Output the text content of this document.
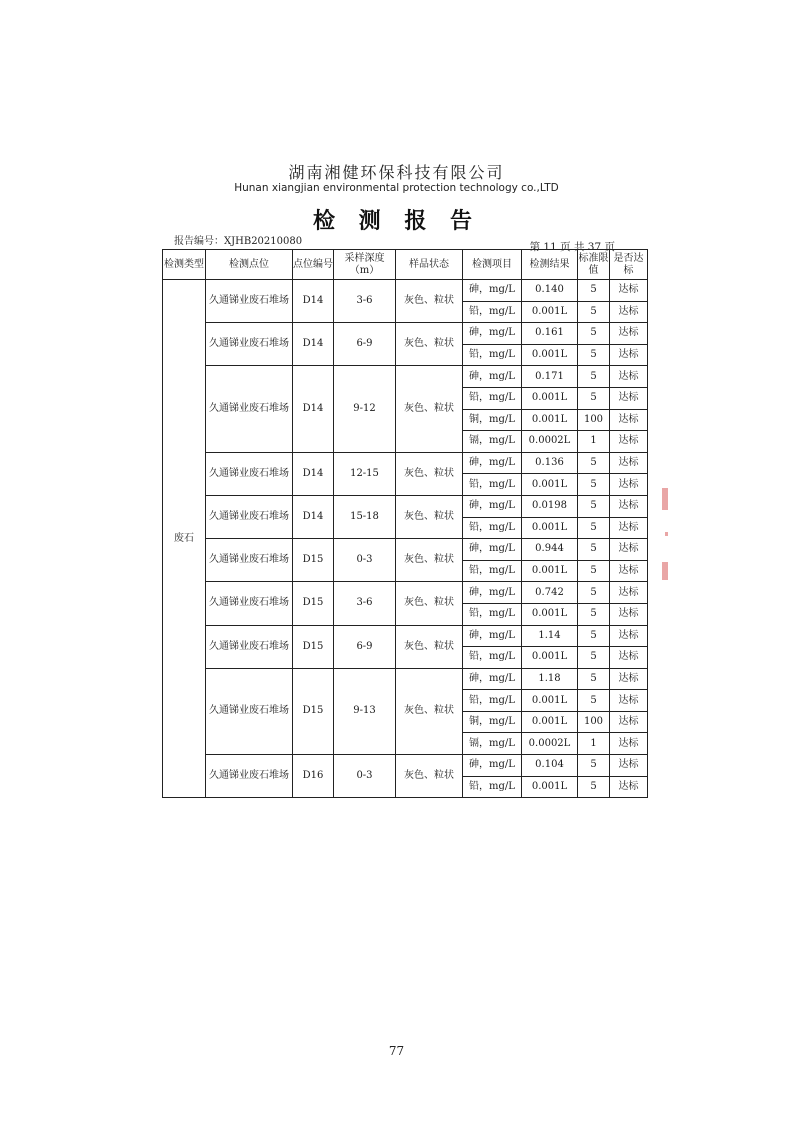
湖南湘健环保科技有限公司
Hunan xiangjian environmental protection technology co.,LTD
检 测 报 告
报告编号：XJHB20210080	第 11 页 共 37 页
检测类型	检测点位	点位编号	采样深度（m）	样品状态	检测项目	检测结果	标准限值	是否达标
废石	久通锑业废石堆场	D14	3-6	灰色、粒状	砷，mg/L	0.140	5	达标
					铅，mg/L	0.001L	5	达标
	久通锑业废石堆场	D14	6-9	灰色、粒状	砷，mg/L	0.161	5	达标
					铅，mg/L	0.001L	5	达标
	久通锑业废石堆场	D14	9-12	灰色、粒状	砷，mg/L	0.171	5	达标
					铅，mg/L	0.001L	5	达标
					铜，mg/L	0.001L	100	达标
					镉，mg/L	0.0002L	1	达标
	久通锑业废石堆场	D14	12-15	灰色、粒状	砷，mg/L	0.136	5	达标
					铅，mg/L	0.001L	5	达标
	久通锑业废石堆场	D14	15-18	灰色、粒状	砷，mg/L	0.0198	5	达标
					铅，mg/L	0.001L	5	达标
	久通锑业废石堆场	D15	0-3	灰色、粒状	砷，mg/L	0.944	5	达标
					铅，mg/L	0.001L	5	达标
	久通锑业废石堆场	D15	3-6	灰色、粒状	砷，mg/L	0.742	5	达标
					铅，mg/L	0.001L	5	达标
	久通锑业废石堆场	D15	6-9	灰色、粒状	砷，mg/L	1.14	5	达标
					铅，mg/L	0.001L	5	达标
	久通锑业废石堆场	D15	9-13	灰色、粒状	砷，mg/L	1.18	5	达标
					铅，mg/L	0.001L	5	达标
					铜，mg/L	0.001L	100	达标
					镉，mg/L	0.0002L	1	达标
	久通锑业废石堆场	D16	0-3	灰色、粒状	砷，mg/L	0.104	5	达标
					铅，mg/L	0.001L	5	达标
77
